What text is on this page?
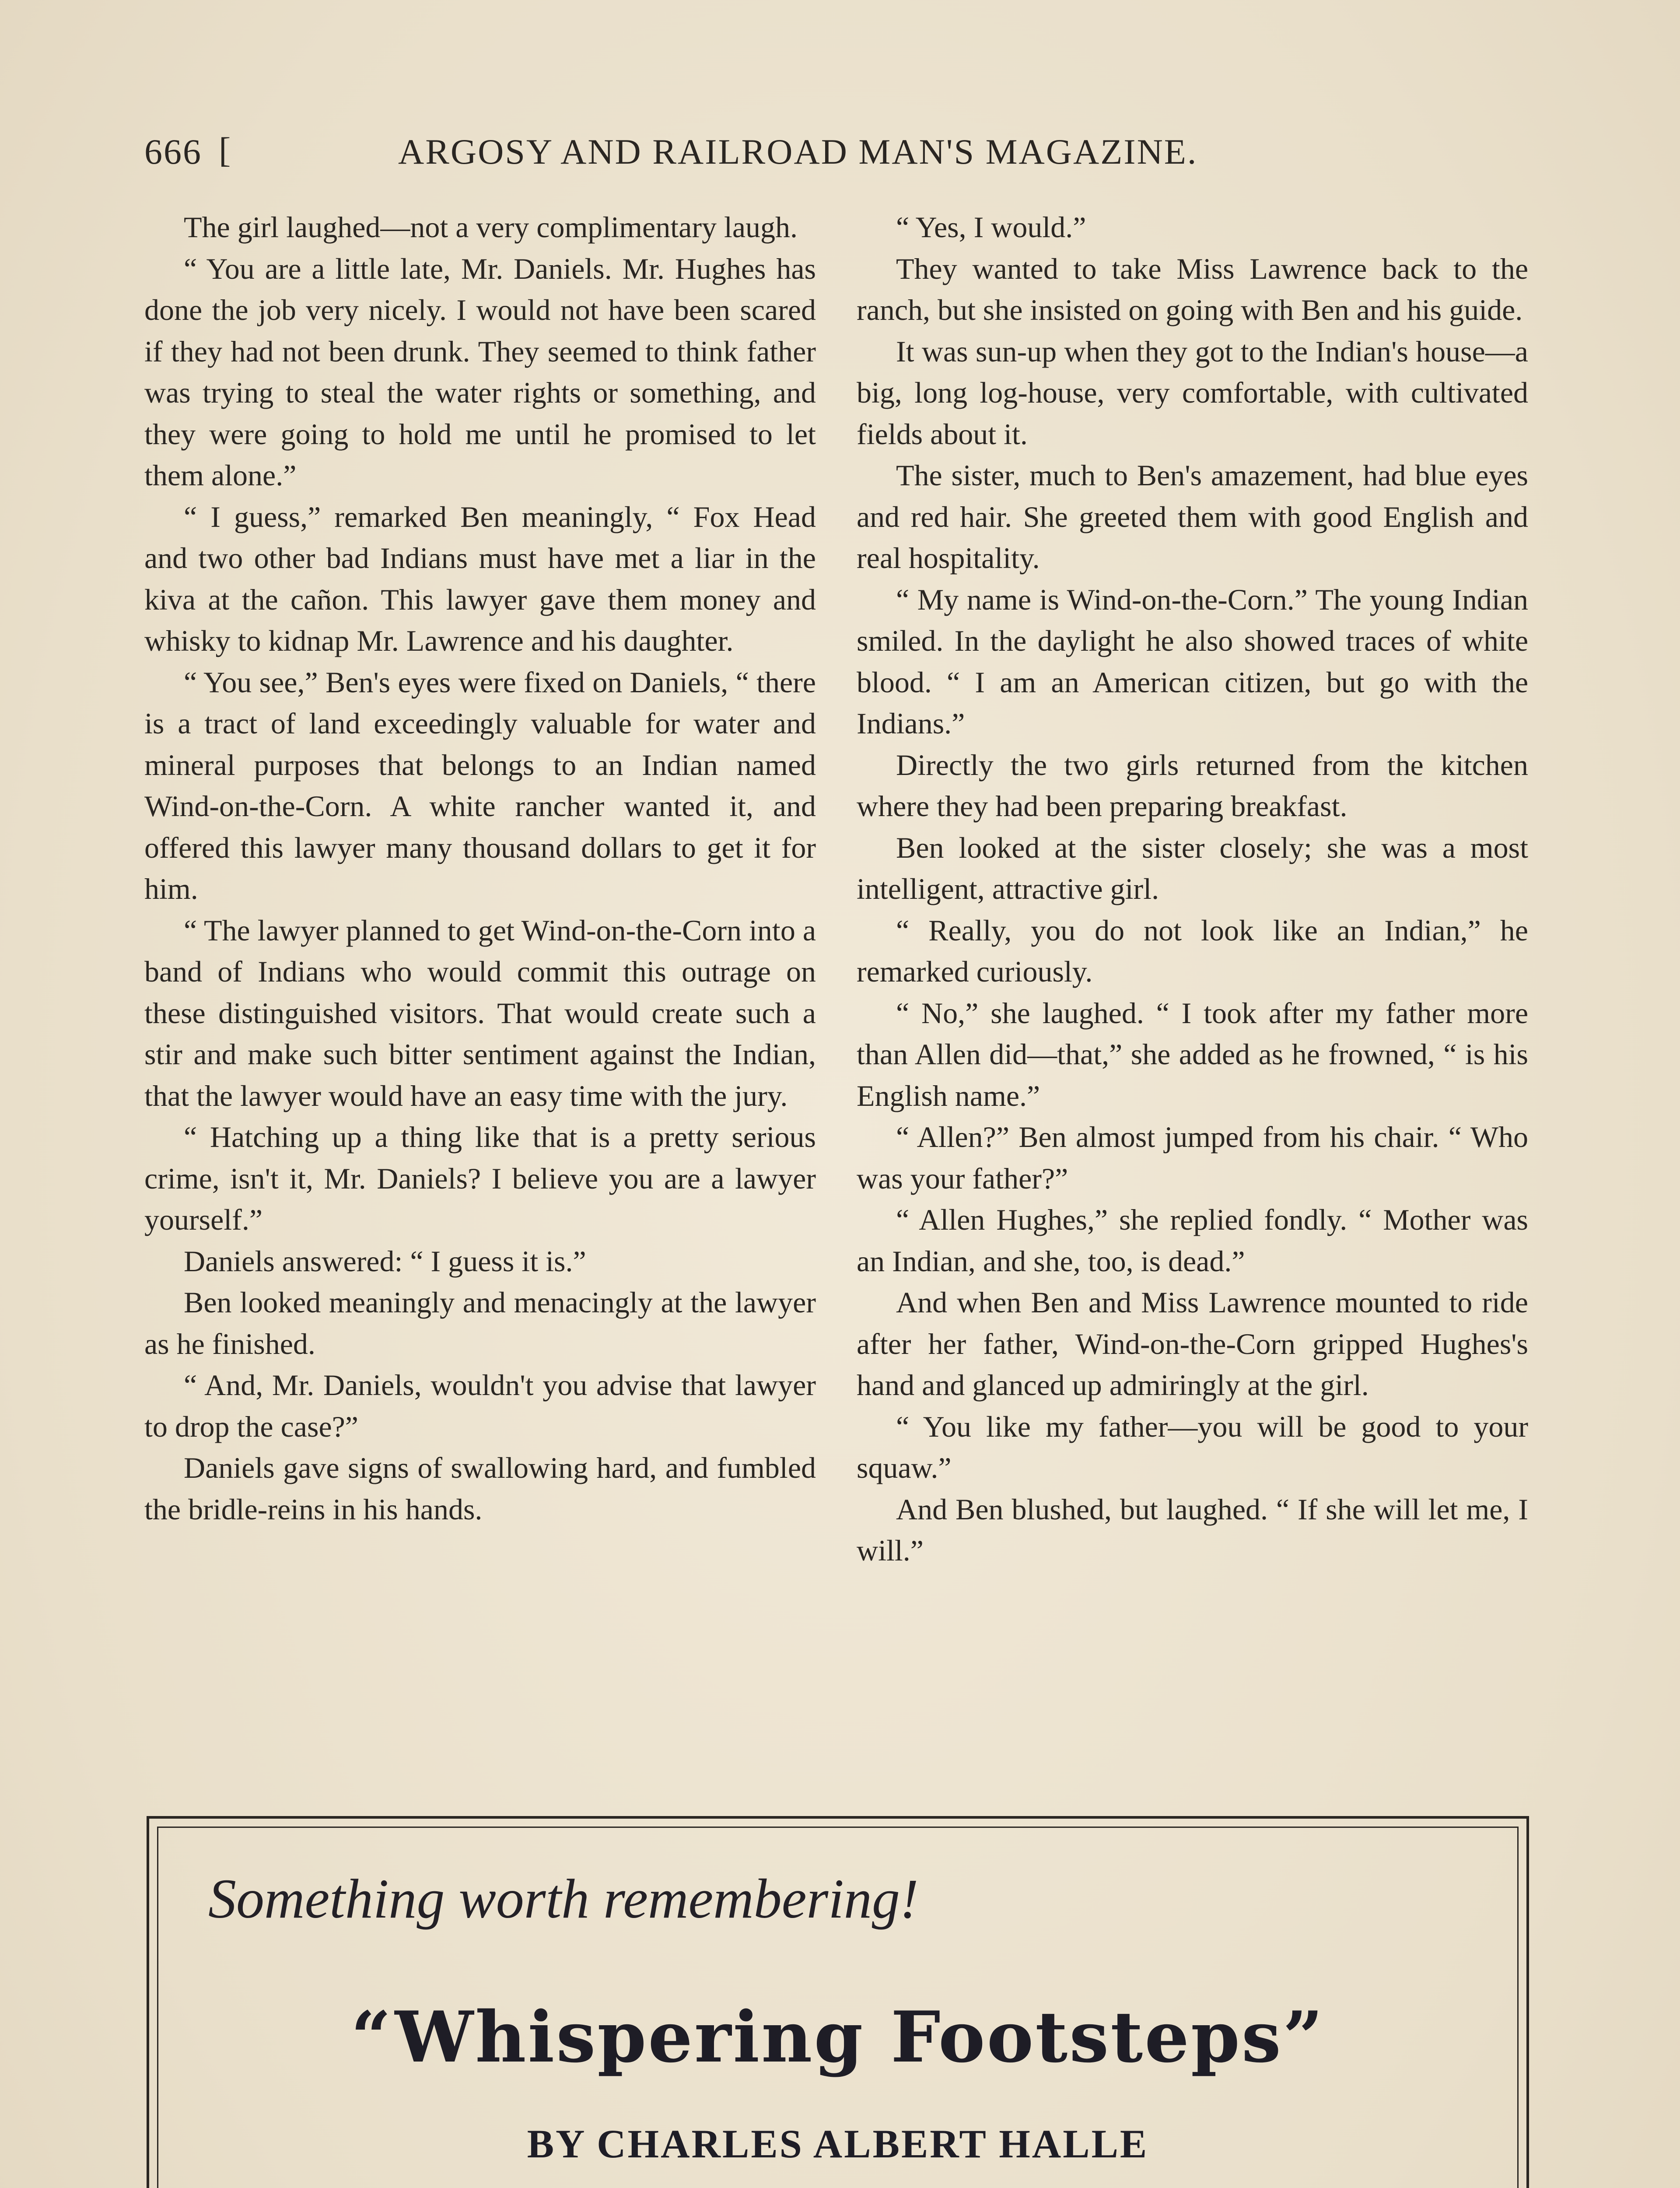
666 [	ARGOSY AND RAILROAD MAN'S MAGAZINE.

The girl laughed—not a very complimentary laugh.

“ You are a little late, Mr. Daniels. Mr. Hughes has done the job very nicely. I would not have been scared if they had not been drunk. They seemed to think father was trying to steal the water rights or something, and they were going to hold me until he promised to let them alone.”

“ I guess,” remarked Ben meaningly, “ Fox Head and two other bad Indians must have met a liar in the kiva at the cañon. This lawyer gave them money and whisky to kidnap Mr. Lawrence and his daughter.

“ You see,” Ben's eyes were fixed on Daniels, “ there is a tract of land exceedingly valuable for water and mineral purposes that belongs to an Indian named Wind-on-the-Corn. A white rancher wanted it, and offered this lawyer many thousand dollars to get it for him.

“ The lawyer planned to get Wind-on-the-Corn into a band of Indians who would commit this outrage on these distinguished visitors. That would create such a stir and make such bitter sentiment against the Indian, that the lawyer would have an easy time with the jury.

“ Hatching up a thing like that is a pretty serious crime, isn't it, Mr. Daniels? I believe you are a lawyer yourself.”

Daniels answered: “ I guess it is.”

Ben looked meaningly and menacingly at the lawyer as he finished.

“ And, Mr. Daniels, wouldn't you advise that lawyer to drop the case?”

Daniels gave signs of swallowing hard, and fumbled the bridle-reins in his hands.

“ Yes, I would.”

They wanted to take Miss Lawrence back to the ranch, but she insisted on going with Ben and his guide.

It was sun-up when they got to the Indian's house—a big, long log-house, very comfortable, with cultivated fields about it.

The sister, much to Ben's amazement, had blue eyes and red hair. She greeted them with good English and real hospitality.

“ My name is Wind-on-the-Corn.” The young Indian smiled. In the daylight he also showed traces of white blood. “ I am an American citizen, but go with the Indians.”

Directly the two girls returned from the kitchen where they had been preparing breakfast.

Ben looked at the sister closely; she was a most intelligent, attractive girl.

“ Really, you do not look like an Indian,” he remarked curiously.

“ No,” she laughed. “ I took after my father more than Allen did—that,” she added as he frowned, “ is his English name.”

“ Allen?” Ben almost jumped from his chair. “ Who was your father?”

“ Allen Hughes,” she replied fondly. “ Mother was an Indian, and she, too, is dead.”

And when Ben and Miss Lawrence mounted to ride after her father, Wind-on-the-Corn gripped Hughes's hand and glanced up admiringly at the girl.

“ You like my father—you will be good to your squaw.”

And Ben blushed, but laughed. “ If she will let me, I will.”

Something worth remembering!
“Whispering Footsteps”
BY CHARLES ALBERT HALLE
